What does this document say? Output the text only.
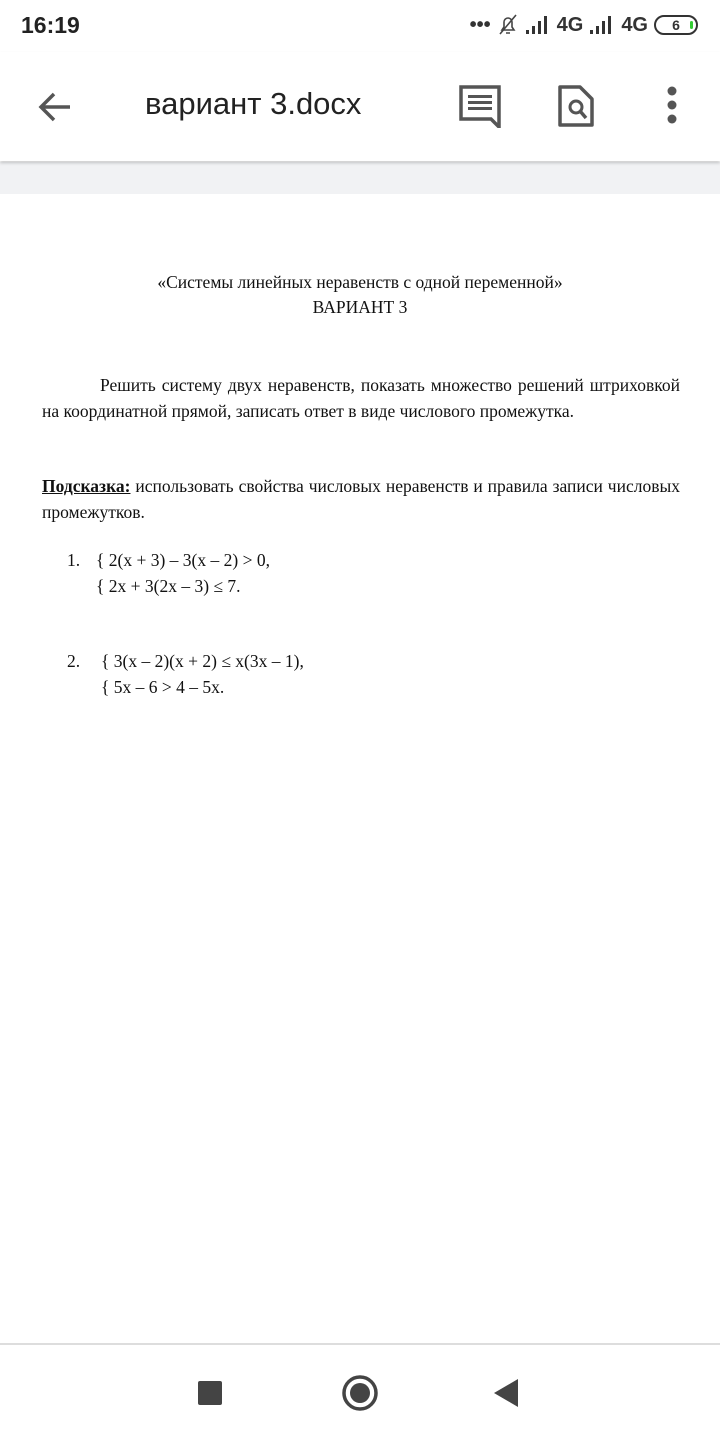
16:19	•••	4G 4G	6
вариант 3.docx
«Системы линейных неравенств с одной переменной»
ВАРИАНТ 3
Решить систему двух неравенств, показать множество решений штриховкой на координатной прямой, записать ответ в виде числового промежутка.
Подсказка: использовать свойства числовых неравенств и правила записи числовых промежутков.
1. { 2(x + 3) – 3(x – 2) > 0,
{ 2x + 3(2x – 3) ≤ 7.
2. { 3(x – 2)(x + 2) ≤ x(3x – 1),
{ 5x – 6 > 4 – 5x.
